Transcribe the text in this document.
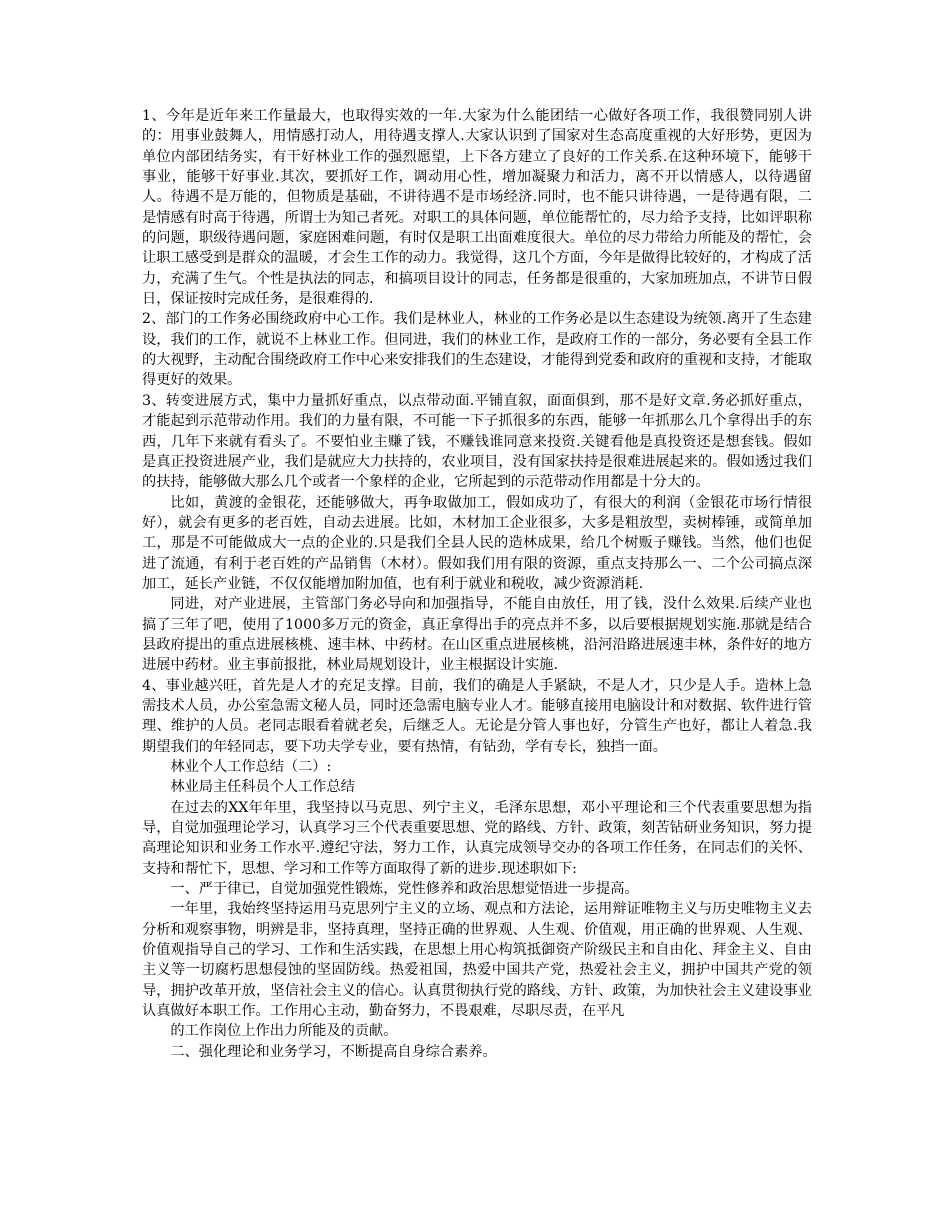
1、今年是近年来工作量最大，也取得实效的一年.大家为什么能团结一心做好各项工作，我很赞同别人讲的：用事业鼓舞人，用情感打动人，用待遇支撑人.大家认识到了国家对生态高度重视的大好形势，更因为单位内部团结务实，有干好林业工作的强烈愿望，上下各方建立了良好的工作关系.在这种环境下，能够干事业，能够干好事业.其次，要抓好工作，调动用心性，增加凝聚力和活力，离不开以情感人，以待遇留人。待遇不是万能的，但物质是基础，不讲待遇不是市场经济.同时，也不能只讲待遇，一是待遇有限，二是情感有时高于待遇，所谓士为知己者死。对职工的具体问题，单位能帮忙的，尽力给予支持，比如评职称的问题，职级待遇问题，家庭困难问题，有时仅是职工出面难度很大。单位的尽力带给力所能及的帮忙，会让职工感受到是群众的温暖，才会生工作的动力。我觉得，这几个方面，今年是做得比较好的，才构成了活力，充满了生气。个性是执法的同志，和搞项目设计的同志，任务都是很重的，大家加班加点，不讲节日假日，保证按时完成任务，是很难得的.

2、部门的工作务必围绕政府中心工作。我们是林业人，林业的工作务必是以生态建设为统领.离开了生态建设，我们的工作，就说不上林业工作。但同进，我们的林业工作，是政府工作的一部分，务必要有全县工作的大视野，主动配合围绕政府工作中心来安排我们的生态建设，才能得到党委和政府的重视和支持，才能取得更好的效果。

3、转变进展方式，集中力量抓好重点，以点带动面.平铺直叙，面面俱到，那不是好文章.务必抓好重点，才能起到示范带动作用。我们的力量有限，不可能一下子抓很多的东西，能够一年抓那么几个拿得出手的东西，几年下来就有看头了。不要怕业主赚了钱，不赚钱谁同意来投资.关键看他是真投资还是想套钱。假如是真正投资进展产业，我们是就应大力扶持的，农业项目，没有国家扶持是很难进展起来的。假如透过我们的扶持，能够做大那么几个或者一个象样的企业，它所起到的示范带动作用都是十分大的。

比如，黄渡的金银花，还能够做大，再争取做加工，假如成功了，有很大的利润（金银花市场行情很好），就会有更多的老百姓，自动去进展。比如，木材加工企业很多，大多是粗放型，卖树棒锤，或简单加工，那是不可能做成大一点的企业的.只是我们全县人民的造林成果，给几个树贩子赚钱。当然，他们也促进了流通，有利于老百姓的产品销售（木材）。假如我们用有限的资源，重点支持那么一、二个公司搞点深加工，延长产业链，不仅仅能增加附加值，也有利于就业和税收，减少资源消耗.

同进，对产业进展，主管部门务必导向和加强指导，不能自由放任，用了钱，没什么效果.后续产业也搞了三年了吧，使用了1000多万元的资金，真正拿得出手的亮点并不多，以后要根据规划实施.那就是结合县政府提出的重点进展核桃、速丰林、中药材。在山区重点进展核桃，沿河沿路进展速丰林，条件好的地方进展中药材。业主事前报批，林业局规划设计，业主根据设计实施.

4、事业越兴旺，首先是人才的充足支撑。目前，我们的确是人手紧缺，不是人才，只少是人手。造林上急需技术人员，办公室急需文秘人员，同时还急需电脑专业人才。能够直接用电脑设计和对数据、软件进行管理、维护的人员。老同志眼看着就老矣，后继乏人。无论是分管人事也好，分管生产也好，都让人着急.我期望我们的年轻同志，要下功夫学专业，要有热情，有钻劲，学有专长，独挡一面。

林业个人工作总结（二）:

林业局主任科员个人工作总结

在过去的XX年年里，我坚持以马克思、列宁主义，毛泽东思想，邓小平理论和三个代表重要思想为指导，自觉加强理论学习，认真学习三个代表重要思想、党的路线、方针、政策，刻苦钻研业务知识，努力提高理论知识和业务工作水平.遵纪守法，努力工作，认真完成领导交办的各项工作任务，在同志们的关怀、支持和帮忙下，思想、学习和工作等方面取得了新的进步.现述职如下:

一、严于律已，自觉加强党性锻炼，党性修养和政治思想觉悟进一步提高。

一年里，我始终坚持运用马克思列宁主义的立场、观点和方法论，运用辩证唯物主义与历史唯物主义去分析和观察事物，明辨是非，坚持真理，坚持正确的世界观、人生观、价值观，用正确的世界观、人生观、价值观指导自己的学习、工作和生活实践，在思想上用心构筑抵御资产阶级民主和自由化、拜金主义、自由主义等一切腐朽思想侵蚀的坚固防线。热爱祖国，热爱中国共产党，热爱社会主义，拥护中国共产党的领导，拥护改革开放，坚信社会主义的信心。认真贯彻执行党的路线、方针、政策，为加快社会主义建设事业认真做好本职工作。工作用心主动，勤奋努力，不畏艰难，尽职尽责，在平凡

的工作岗位上作出力所能及的贡献。

二、强化理论和业务学习，不断提高自身综合素养。
